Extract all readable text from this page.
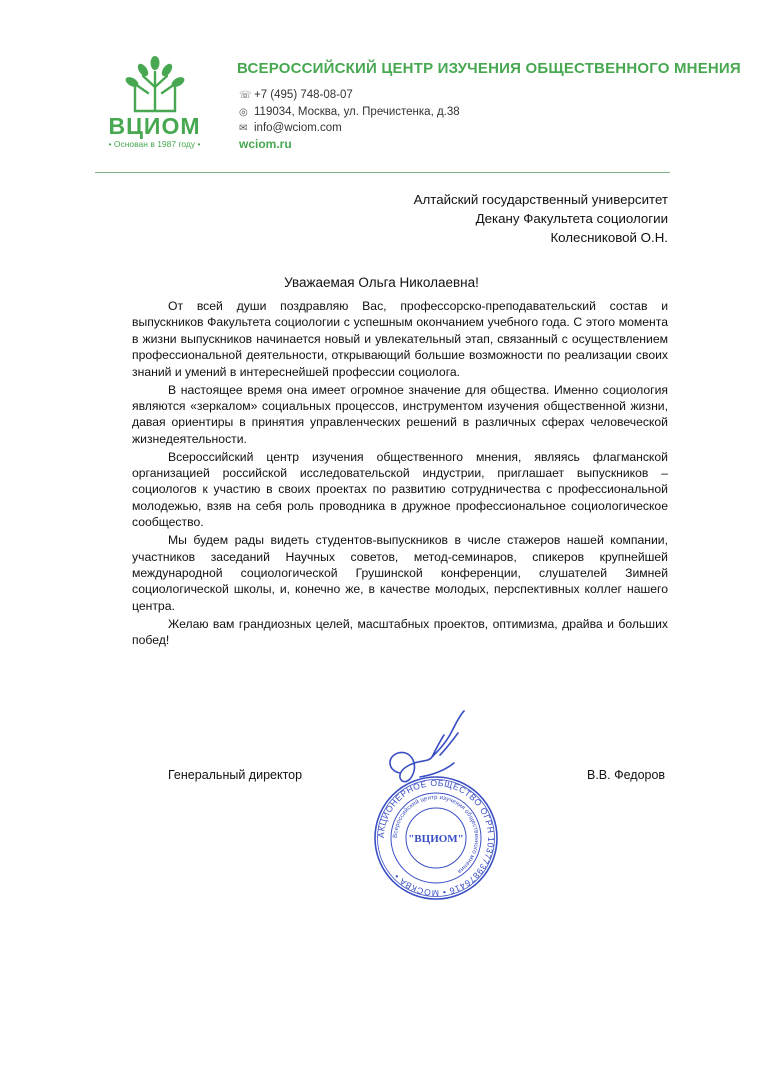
ВЦИОМ
• Основан в 1987 году •
ВСЕРОССИЙСКИЙ ЦЕНТР ИЗУЧЕНИЯ ОБЩЕСТВЕННОГО МНЕНИЯ
☏ +7 (495) 748-08-07
◎ 119034, Москва, ул. Пречистенка, д.38
✉ info@wciom.com
wciom.ru
Алтайский государственный университет
Декану Факультета социологии
Колесниковой О.Н.
Уважаемая Ольга Николаевна!

От всей души поздравляю Вас, профессорско-преподавательский состав и выпускников Факультета социологии с успешным окончанием учебного года. С этого момента в жизни выпускников начинается новый и увлекательный этап, связанный с осуществлением профессиональной деятельности, открывающий большие возможности по реализации своих знаний и умений в интереснейшей профессии социолога.

В настоящее время она имеет огромное значение для общества. Именно социология являются «зеркалом» социальных процессов, инструментом изучения общественной жизни, давая ориентиры в принятия управленческих решений в различных сферах человеческой жизнедеятельности.

Всероссийский центр изучения общественного мнения, являясь флагманской организацией российской исследовательской индустрии, приглашает выпускников – социологов к участию в своих проектах по развитию сотрудничества с профессиональной молодежью, взяв на себя роль проводника в дружное профессиональное социологическое сообщество.

Мы будем рады видеть студентов-выпускников в числе стажеров нашей компании, участников заседаний Научных советов, метод-семинаров, спикеров крупнейшей международной социологической Грушинской конференции, слушателей Зимней социологической школы, и, конечно же, в качестве молодых, перспективных коллег нашего центра.

Желаю вам грандиозных целей, масштабных проектов, оптимизма, драйва и больших побед!

Генеральный директор	В.В. Федоров
АКЦИОНЕРНОЕ ОБЩЕСТВО ОГРН 1037739876416 • МОСКВА •
Всероссийский центр изучения общественного мнения
"ВЦИОМ"
